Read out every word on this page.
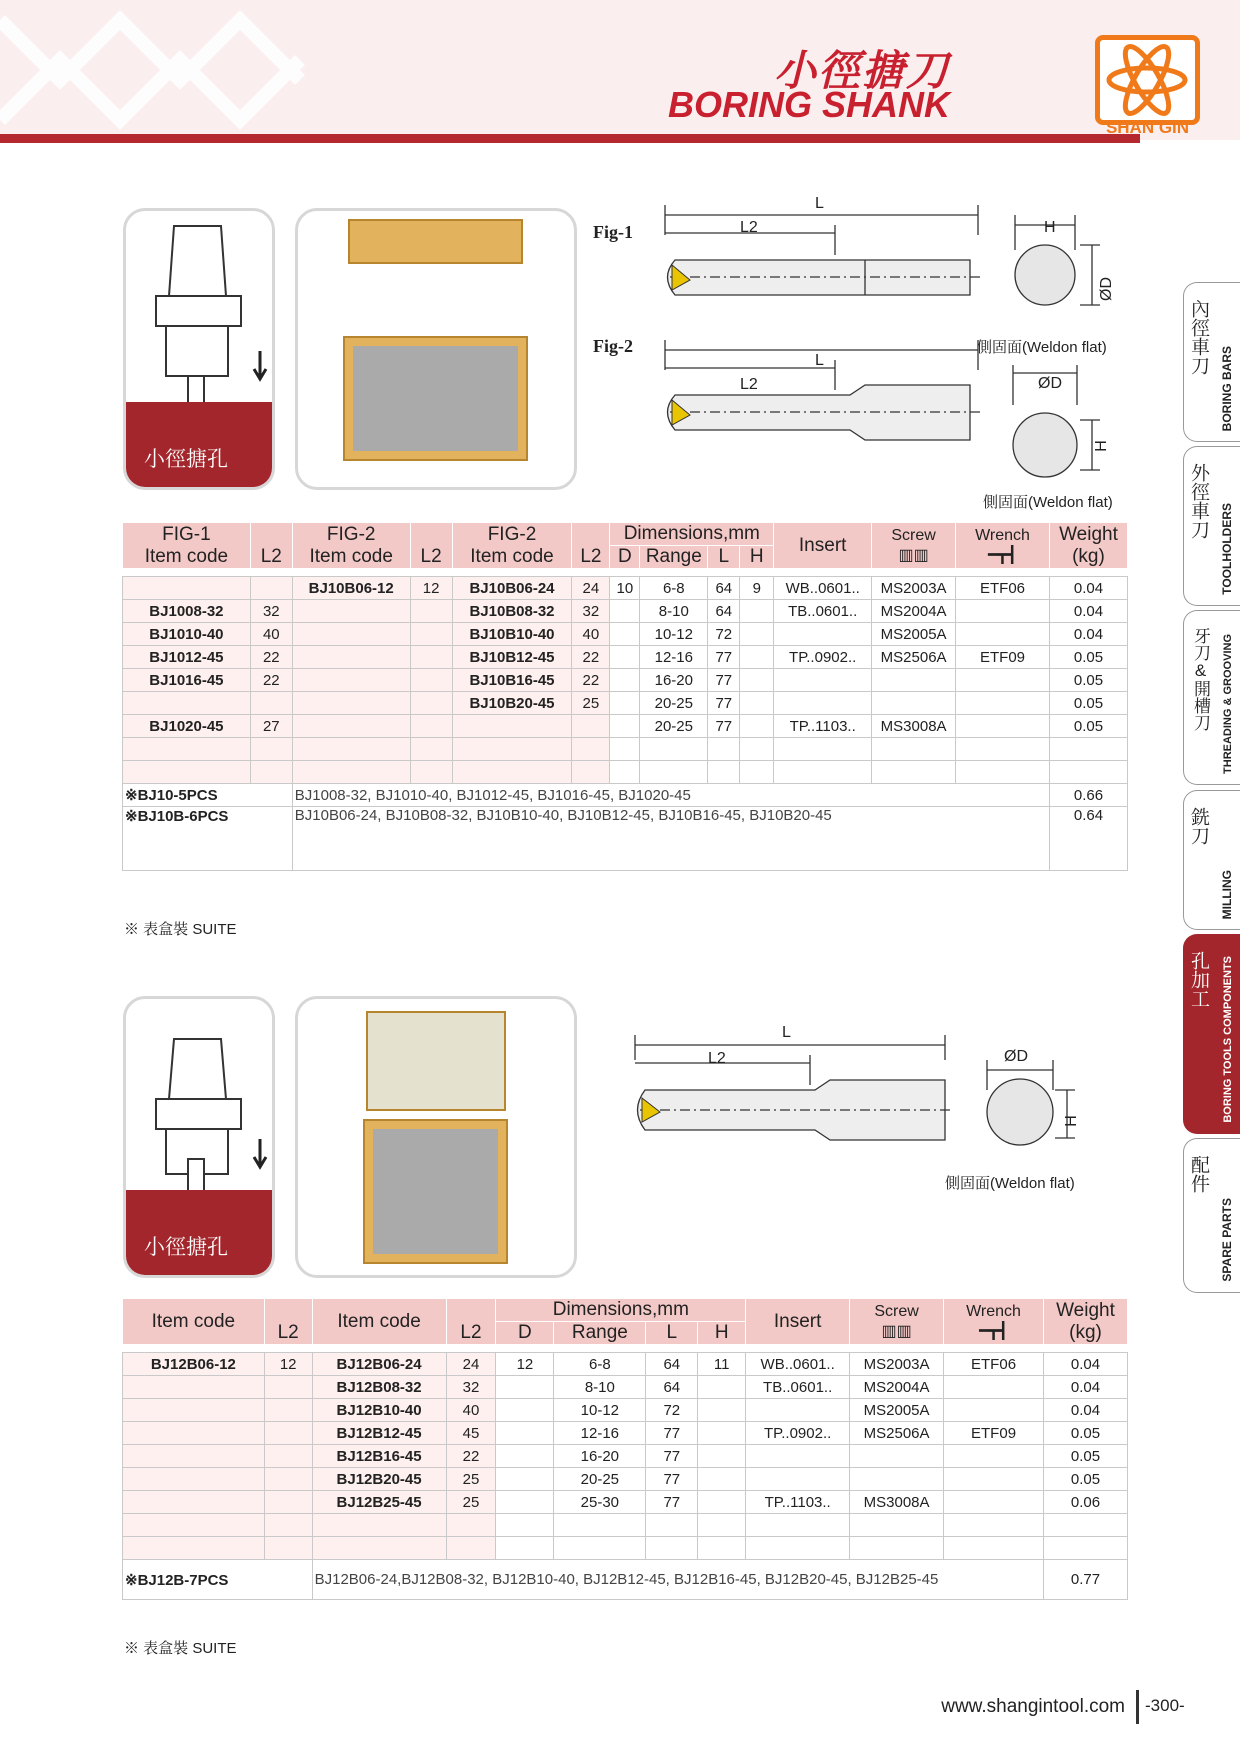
小徑搪刀
BORING SHANK
SHAN GIN
內徑車刀
BORING BARS
外徑車刀
TOOLHOLDERS
牙刀&開槽刀 THREADING & GROOVING
銑刀
MILLING
孔加工 BORING TOOLS COMPONENTS
配件
SPARE PARTS
小徑搪孔
Fig-1
Fig-2
L
L2	H
ØD
側固面(Weldon flat)
L
L2	ØD
H
側固面(Weldon flat)
FIG-1
Item code	L2	FIG-2
Item code	L2	FIG-2
Item code	L2	Dimensions,mm				Insert	Screw
▥▥	Wrench
━┳┫	Weight
(kg)
						D	Range	L	H				

		BJ10B06-12	12	BJ10B06-24	24	10	6-8	64	9	WB..0601..	MS2003A	ETF06	0.04
BJ1008-32	32			BJ10B08-32	32		8-10	64		TB..0601..	MS2004A		0.04
BJ1010-40	40			BJ10B10-40	40		10-12	72			MS2005A		0.04
BJ1012-45	22			BJ10B12-45	22		12-16	77		TP..0902..	MS2506A	ETF09	0.05
BJ1016-45	22			BJ10B16-45	22		16-20	77					0.05
				BJ10B20-45	25		20-25	77					0.05
BJ1020-45	27						20-25	77		TP..1103..	MS3008A		0.05

※BJ10-5PCS		BJ1008-32, BJ1010-40, BJ1012-45, BJ1016-45, BJ1020-45											0.66
※BJ10B-6PCS		BJ10B06-24, BJ10B08-32, BJ10B10-40, BJ10B12-45, BJ10B16-45, BJ10B20-45											0.64
※ 表盒裝 SUITE
小徑搪孔
L
L2	ØD
H
側固面(Weldon flat)
Item code	L2	Item code	L2	Dimensions,mm				Insert	Screw
▥▥	Wrench
━┳┫	Weight
(kg)
				D	Range	L	H				

BJ12B06-12	12	BJ12B06-24	24	12	6-8	64	11	WB..0601..	MS2003A	ETF06	0.04
		BJ12B08-32	32		8-10	64		TB..0601..	MS2004A		0.04
		BJ12B10-40	40		10-12	72			MS2005A		0.04
		BJ12B12-45	45		12-16	77		TP..0902..	MS2506A	ETF09	0.05
		BJ12B16-45	22		16-20	77					0.05
		BJ12B20-45	25		20-25	77					0.05
		BJ12B25-45	25		25-30	77		TP..1103..	MS3008A		0.06

※BJ12B-7PCS		BJ12B06-24,BJ12B08-32, BJ12B10-40, BJ12B12-45, BJ12B16-45, BJ12B20-45, BJ12B25-45									0.77
※ 表盒裝 SUITE
www.shangintool.com -300-
